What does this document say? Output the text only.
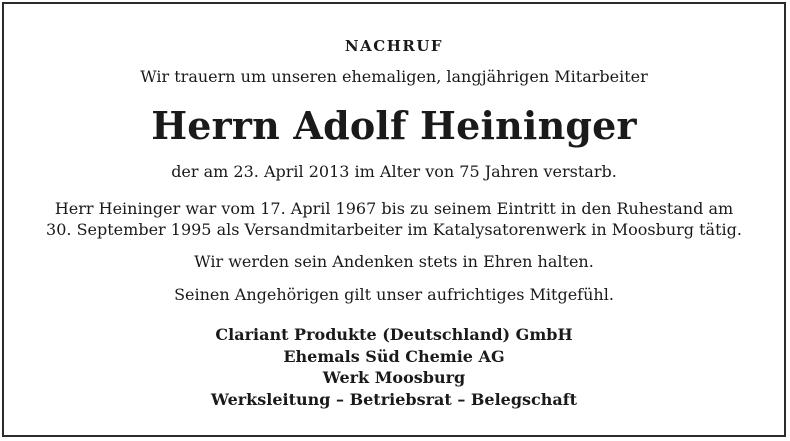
NACHRUF
Wir trauern um unseren ehemaligen, langjährigen Mitarbeiter
Herrn Adolf Heininger
der am 23. April 2013 im Alter von 75 Jahren verstarb.
Herr Heininger war vom 17. April 1967 bis zu seinem Eintritt in den Ruhestand am
30. September 1995 als Versandmitarbeiter im Katalysatorenwerk in Moosburg tätig.
Wir werden sein Andenken stets in Ehren halten.
Seinen Angehörigen gilt unser aufrichtiges Mitgefühl.
Clariant Produkte (Deutschland) GmbH
Ehemals Süd Chemie AG
Werk Moosburg
Werksleitung – Betriebsrat – Belegschaft
